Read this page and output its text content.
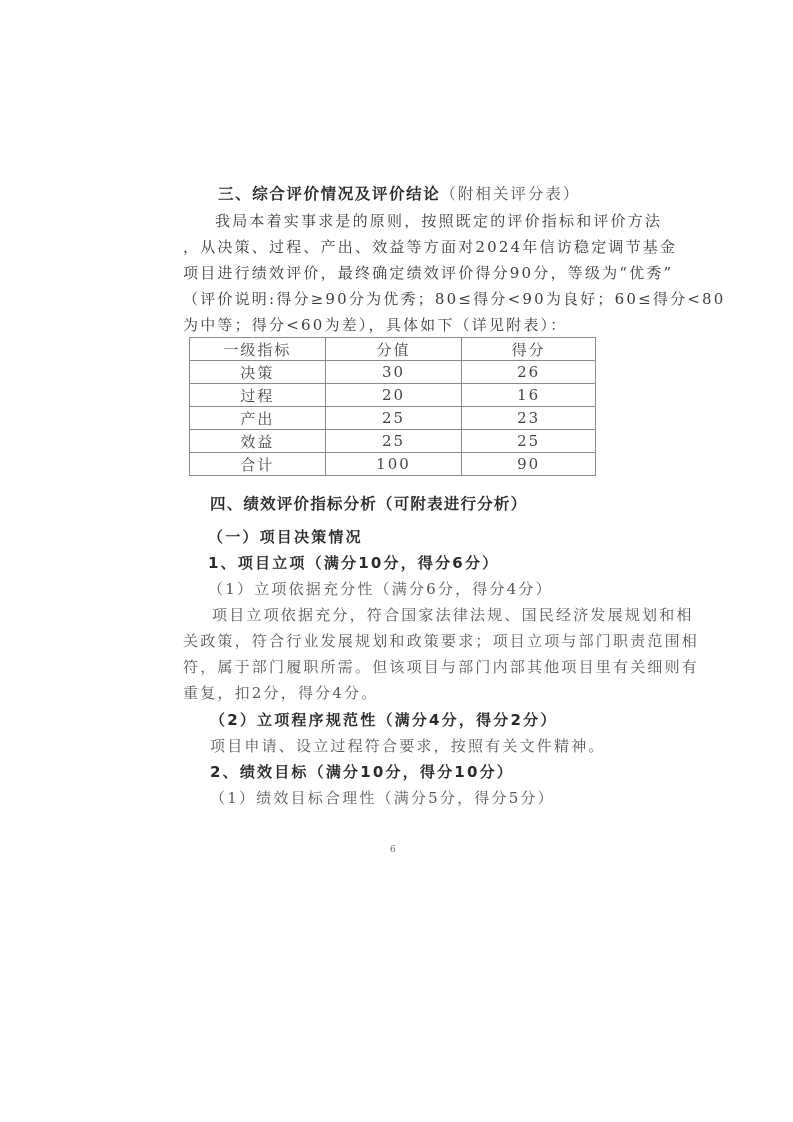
三、综合评价情况及评价结论（附相关评分表）
我局本着实事求是的原则，按照既定的评价指标和评价方法
，从决策、过程、产出、效益等方面对2024年信访稳定调节基金
项目进行绩效评价，最终确定绩效评价得分90分，等级为“优秀”
（评价说明:得分≥90分为优秀；80≤得分<90为良好；60≤得分<80
为中等；得分<60为差），具体如下（详见附表）：
一级指标	分值	得分
决策	30	26
过程	20	16
产出	25	23
效益	25	25
合计	100	90
四、绩效评价指标分析（可附表进行分析）
（一）项目决策情况
1、项目立项（满分10分，得分6分）
（1）立项依据充分性（满分6分，得分4分）
项目立项依据充分，符合国家法律法规、国民经济发展规划和相
关政策，符合行业发展规划和政策要求；项目立项与部门职责范围相
符，属于部门履职所需。但该项目与部门内部其他项目里有关细则有
重复，扣2分，得分4分。
（2）立项程序规范性（满分4分，得分2分）
项目申请、设立过程符合要求，按照有关文件精神。
2、绩效目标（满分10分，得分10分）
（1）绩效目标合理性（满分5分，得分5分）
6
